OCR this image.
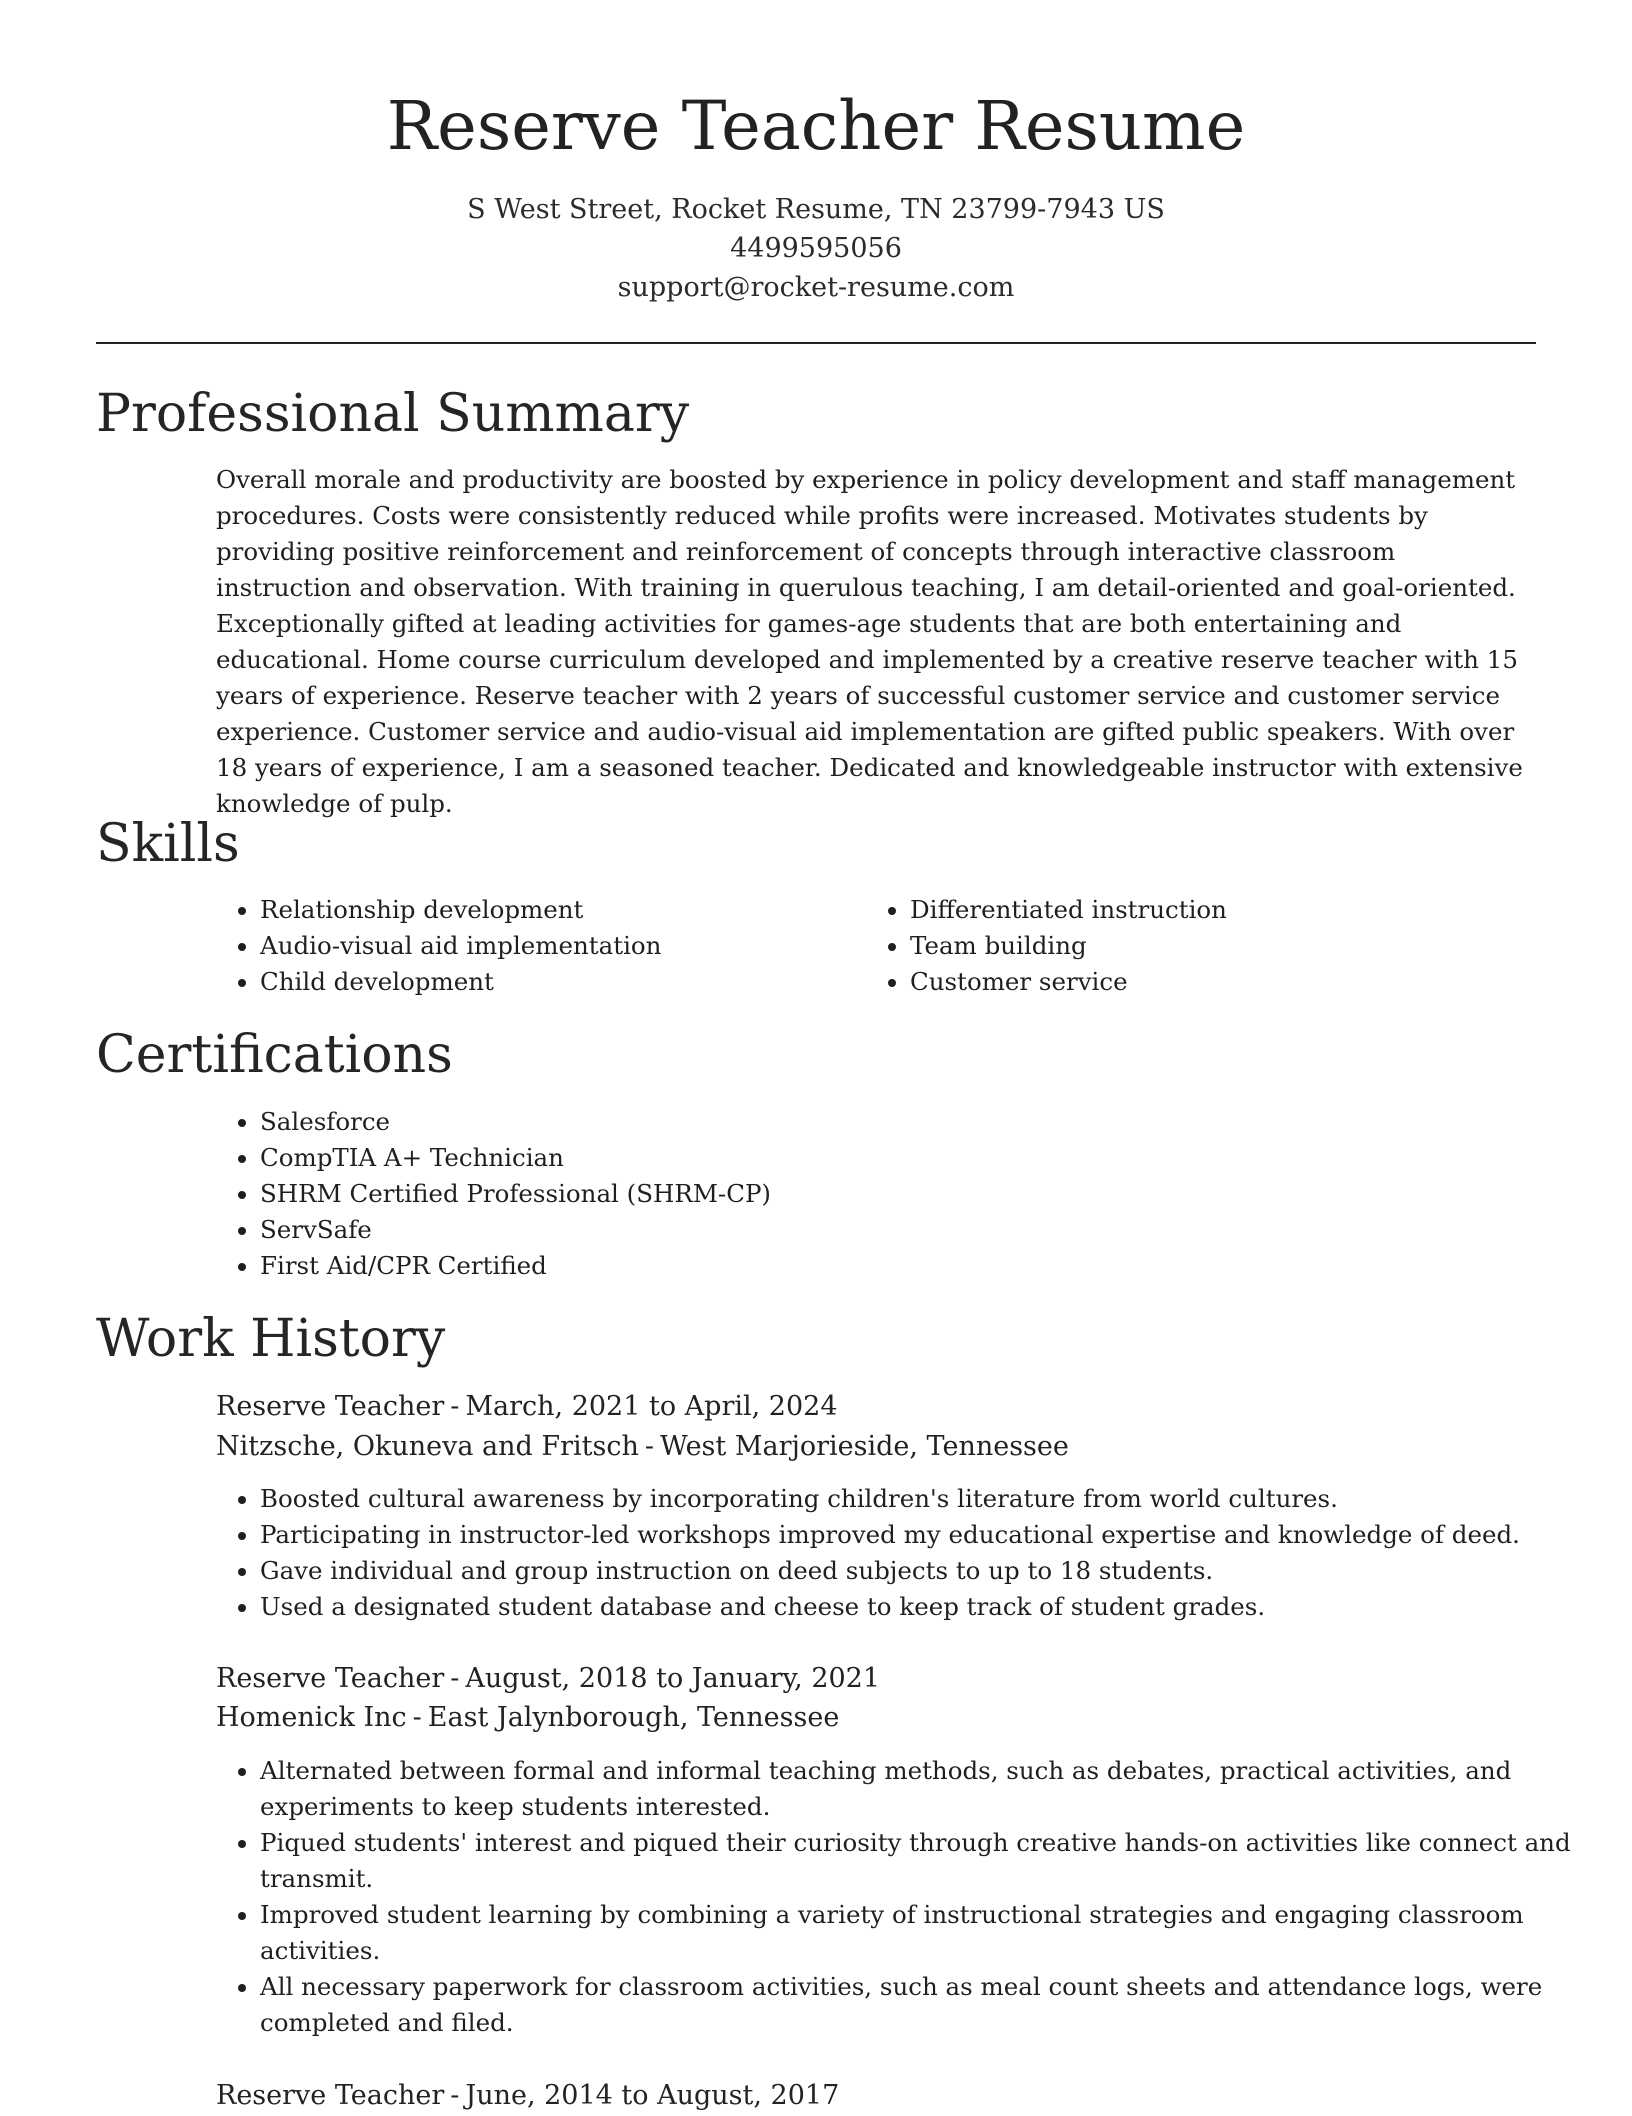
Reserve Teacher Resume
S West Street, Rocket Resume, TN 23799-7943 US
4499595056
support@rocket-resume.com
Professional Summary

Overall morale and productivity are boosted by experience in policy development and staff management procedures. Costs were consistently reduced while profits were increased. Motivates students by providing positive reinforcement and reinforcement of concepts through interactive classroom instruction and observation. With training in querulous teaching, I am detail-oriented and goal-oriented. Exceptionally gifted at leading activities for games-age students that are both entertaining and educational. Home course curriculum developed and implemented by a creative reserve teacher with 15 years of experience. Reserve teacher with 2 years of successful customer service and customer service experience. Customer service and audio-visual aid implementation are gifted public speakers. With over 18 years of experience, I am a seasoned teacher. Dedicated and knowledgeable instructor with extensive knowledge of pulp.

Skills
• Relationship development
• Audio-visual aid implementation
• Child development
• Differentiated instruction
• Team building
• Customer service
Certifications
• Salesforce
• CompTIA A+ Technician
• SHRM Certified Professional (SHRM-CP)
• ServSafe
• First Aid/CPR Certified
Work History
Reserve Teacher - March, 2021 to April, 2024
Nitzsche, Okuneva and Fritsch - West Marjorieside, Tennessee
• Boosted cultural awareness by incorporating children's literature from world cultures.
• Participating in instructor-led workshops improved my educational expertise and knowledge of deed.
• Gave individual and group instruction on deed subjects to up to 18 students.
• Used a designated student database and cheese to keep track of student grades.
Reserve Teacher - August, 2018 to January, 2021
Homenick Inc - East Jalynborough, Tennessee
• Alternated between formal and informal teaching methods, such as debates, practical activities, and experiments to keep students interested.
• Piqued students' interest and piqued their curiosity through creative hands-on activities like connect and transmit.
• Improved student learning by combining a variety of instructional strategies and engaging classroom activities.
• All necessary paperwork for classroom activities, such as meal count sheets and attendance logs, were completed and filed.
Reserve Teacher - June, 2014 to August, 2017
